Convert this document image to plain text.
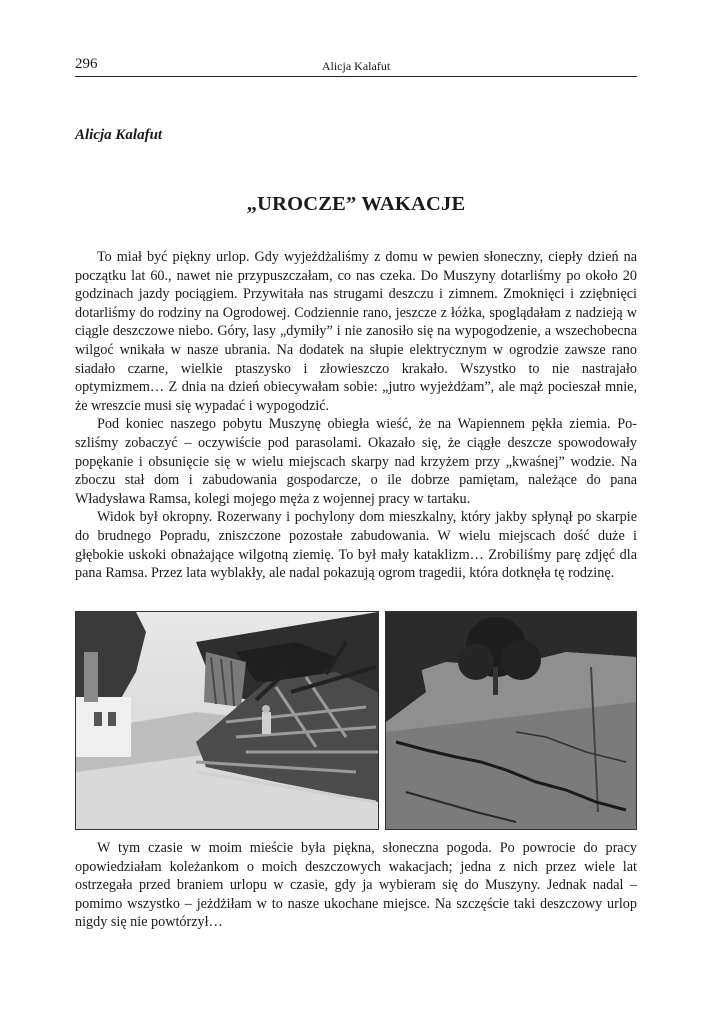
296	Alicja Kalafut
Alicja Kalafut
„UROCZE” WAKACJE

To miał być piękny urlop. Gdy wyjeżdżaliśmy z domu w pewien słoneczny, ciepły dzień na początku lat 60., nawet nie przypuszczałam, co nas czeka. Do Muszyny dotarliśmy po około 20 godzinach jazdy pociągiem. Przywitała nas strugami deszczu i zimnem. Zmoknięci i zziębnięci dotarliśmy do rodziny na Ogrodowej. Codziennie rano, jeszcze z łóżka, spoglądałam z nadzieją w ciągle deszczowe niebo. Góry, lasy „dymiły” i nie zanosiło się na wypogodzenie, a wszechobecna wilgoć wnikała w nasze ubrania. Na dodatek na słupie elektrycznym w ogrodzie zawsze rano siadało czarne, wielkie ptaszysko i złowieszczo krakało. Wszystko to nie nastrajało optymizmem… Z dnia na dzień obiecywałam sobie: „jutro wyjeżdżam”, ale mąż pocieszał mnie, że wreszcie musi się wypadać i wypogodzić.

Pod koniec naszego pobytu Muszynę obiegła wieść, że na Wapiennem pękła ziemia. Poszliśmy zobaczyć – oczywiście pod parasolami. Okazało się, że ciągłe deszcze spowodowały popękanie i obsunięcie się w wielu miejscach skarpy nad krzyżem przy „kwaśnej” wodzie. Na zboczu stał dom i zabudowania gospodarcze, o ile dobrze pamiętam, należące do pana Władysława Ramsa, kolegi mojego męża z wojennej pracy w tartaku.

Widok był okropny. Rozerwany i pochylony dom mieszkalny, który jakby spłynął po skarpie do brudnego Popradu, zniszczone pozostałe zabudowania. W wielu miejscach dość duże i głębokie uskoki obnażające wilgotną ziemię. To był mały kataklizm… Zrobiliśmy parę zdjęć dla pana Ramsa. Przez lata wyblakły, ale nadal pokazują ogrom tragedii, która dotknęła tę rodzinę.

W tym czasie w moim mieście była piękna, słoneczna pogoda. Po powrocie do pracy opowiedziałam koleżankom o moich deszczowych wakacjach; jedna z nich przez wiele lat ostrzegała przed braniem urlopu w czasie, gdy ja wybieram się do Muszyny. Jednak nadal – pomimo wszystko – jeżdżiłam w to nasze ukochane miejsce. Na szczęście taki deszczowy urlop nigdy się nie powtórzył…
